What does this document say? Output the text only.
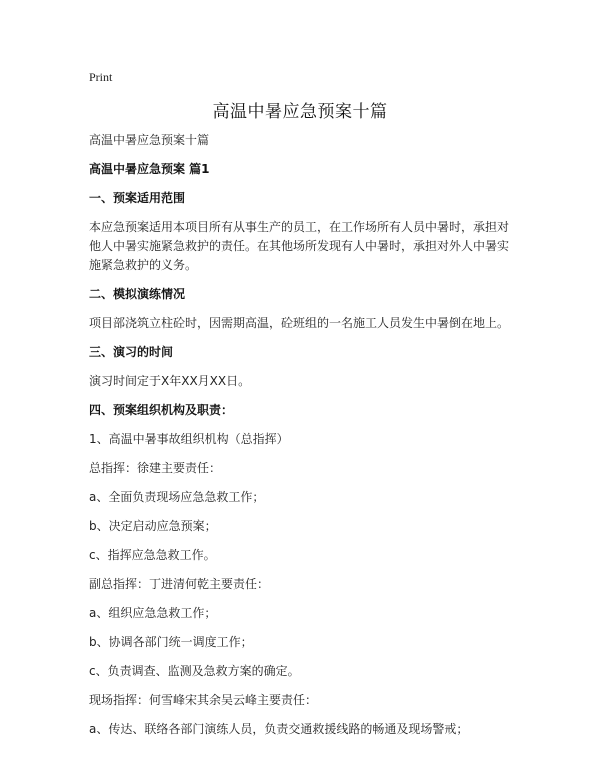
Print
高温中暑应急预案十篇
高温中暑应急预案十篇
高温中暑应急预案 篇1
一、预案适用范围
本应急预案适用本项目所有从事生产的员工，在工作场所有人员中暑时，承担对他人中暑实施紧急救护的责任。在其他场所发现有人中暑时，承担对外人中暑实施紧急救护的义务。
二、模拟演练情况
项目部浇筑立柱砼时，因需期高温，砼班组的一名施工人员发生中暑倒在地上。
三、演习的时间
演习时间定于X年XX月XX日。
四、预案组织机构及职责：
1、高温中暑事故组织机构（总指挥）
总指挥：徐建主要责任：
a、全面负责现场应急急救工作；
b、决定启动应急预案；
c、指挥应急急救工作。
副总指挥：丁进清何乾主要责任：
a、组织应急急救工作；
b、协调各部门统一调度工作；
c、负责调查、监测及急救方案的确定。
现场指挥：何雪峰宋其余吴云峰主要责任：
a、传达、联络各部门演练人员，负责交通救援线路的畅通及现场警戒；
